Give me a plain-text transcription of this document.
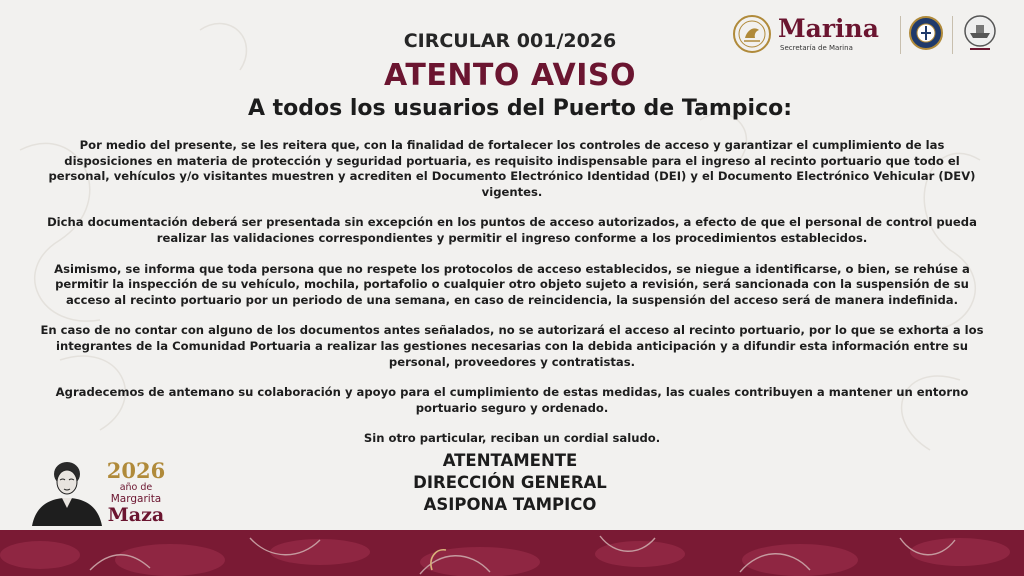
Marina
Secretaría de Marina
CIRCULAR 001/2026
ATENTO AVISO
A todos los usuarios del Puerto de Tampico:

Por medio del presente, se les reitera que, con la finalidad de fortalecer los controles de acceso y garantizar el cumplimiento de las disposiciones en materia de protección y seguridad portuaria, es requisito indispensable para el ingreso al recinto portuario que todo el personal, vehículos y/o visitantes muestren y acrediten el Documento Electrónico Identidad (DEI) y el Documento Electrónico Vehicular (DEV) vigentes.

Dicha documentación deberá ser presentada sin excepción en los puntos de acceso autorizados, a efecto de que el personal de control pueda realizar las validaciones correspondientes y permitir el ingreso conforme a los procedimientos establecidos.

Asimismo, se informa que toda persona que no respete los protocolos de acceso establecidos, se niegue a identificarse, o bien, se rehúse a permitir la inspección de su vehículo, mochila, portafolio o cualquier otro objeto sujeto a revisión, será sancionada con la suspensión de su acceso al recinto portuario por un periodo de una semana, en caso de reincidencia, la suspensión del acceso será de manera indefinida.

En caso de no contar con alguno de los documentos antes señalados, no se autorizará el acceso al recinto portuario, por lo que se exhorta a los integrantes de la Comunidad Portuaria a realizar las gestiones necesarias con la debida anticipación y a difundir esta información entre su personal, proveedores y contratistas.

Agradecemos de antemano su colaboración y apoyo para el cumplimiento de estas medidas, las cuales contribuyen a mantener un entorno portuario seguro y ordenado.

Sin otro particular, reciban un cordial saludo.

ATENTAMENTE
DIRECCIÓN GENERAL
ASIPONA TAMPICO
2026
año de
Margarita
Maza
